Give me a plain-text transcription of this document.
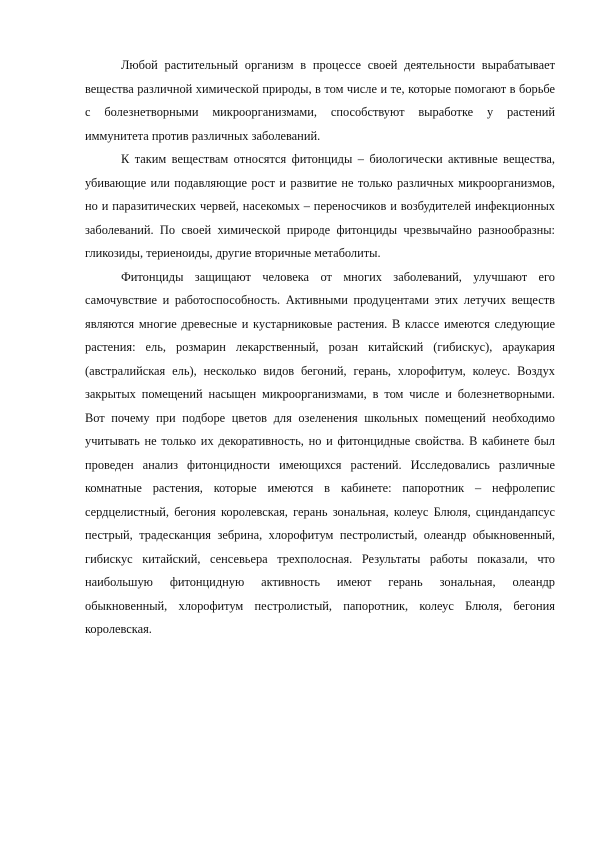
Любой растительный организм в процессе своей деятельности вырабатывает вещества различной химической природы, в том числе и те, которые помогают в борьбе с болезнетворными микроорганизмами, способствуют выработке у растений иммунитета против различных заболеваний.

К таким веществам относятся фитонциды – биологически активные вещества, убивающие или подавляющие рост и развитие не только различных микроорганизмов, но и паразитических червей, насекомых – переносчиков и возбудителей инфекционных заболеваний. По своей химической природе фитонциды чрезвычайно разнообразны: гликозиды, териеноиды, другие вторичные метаболиты.

Фитонциды защищают человека от многих заболеваний, улучшают его самочувствие и работоспособность. Активными продуцентами этих летучих веществ являются многие древесные и кустарниковые растения. В классе имеются следующие растения: ель, розмарин лекарственный, розан китайский (гибискус), араукария (австралийская ель), несколько видов бегоний, герань, хлорофитум, колеус. Воздух закрытых помещений насыщен микроорганизмами, в том числе и болезнетворными. Вот почему при подборе цветов для озеленения школьных помещений необходимо учитывать не только их декоративность, но и фитонцидные свойства. В кабинете был проведен анализ фитонцидности имеющихся растений. Исследовались различные комнатные растения, которые имеются в кабинете: папоротник – нефролепис сердцелистный, бегония королевская, герань зональная, колеус Блюля, сциндандапсус пестрый, традесканция зебрина, хлорофитум пестролистый, олеандр обыкновенный, гибискус китайский, сенсевьера трехполосная. Результаты работы показали, что наибольшую фитонцидную активность имеют герань зональная, олеандр обыкновенный, хлорофитум пестролистый, папоротник, колеус Блюля, бегония королевская.
